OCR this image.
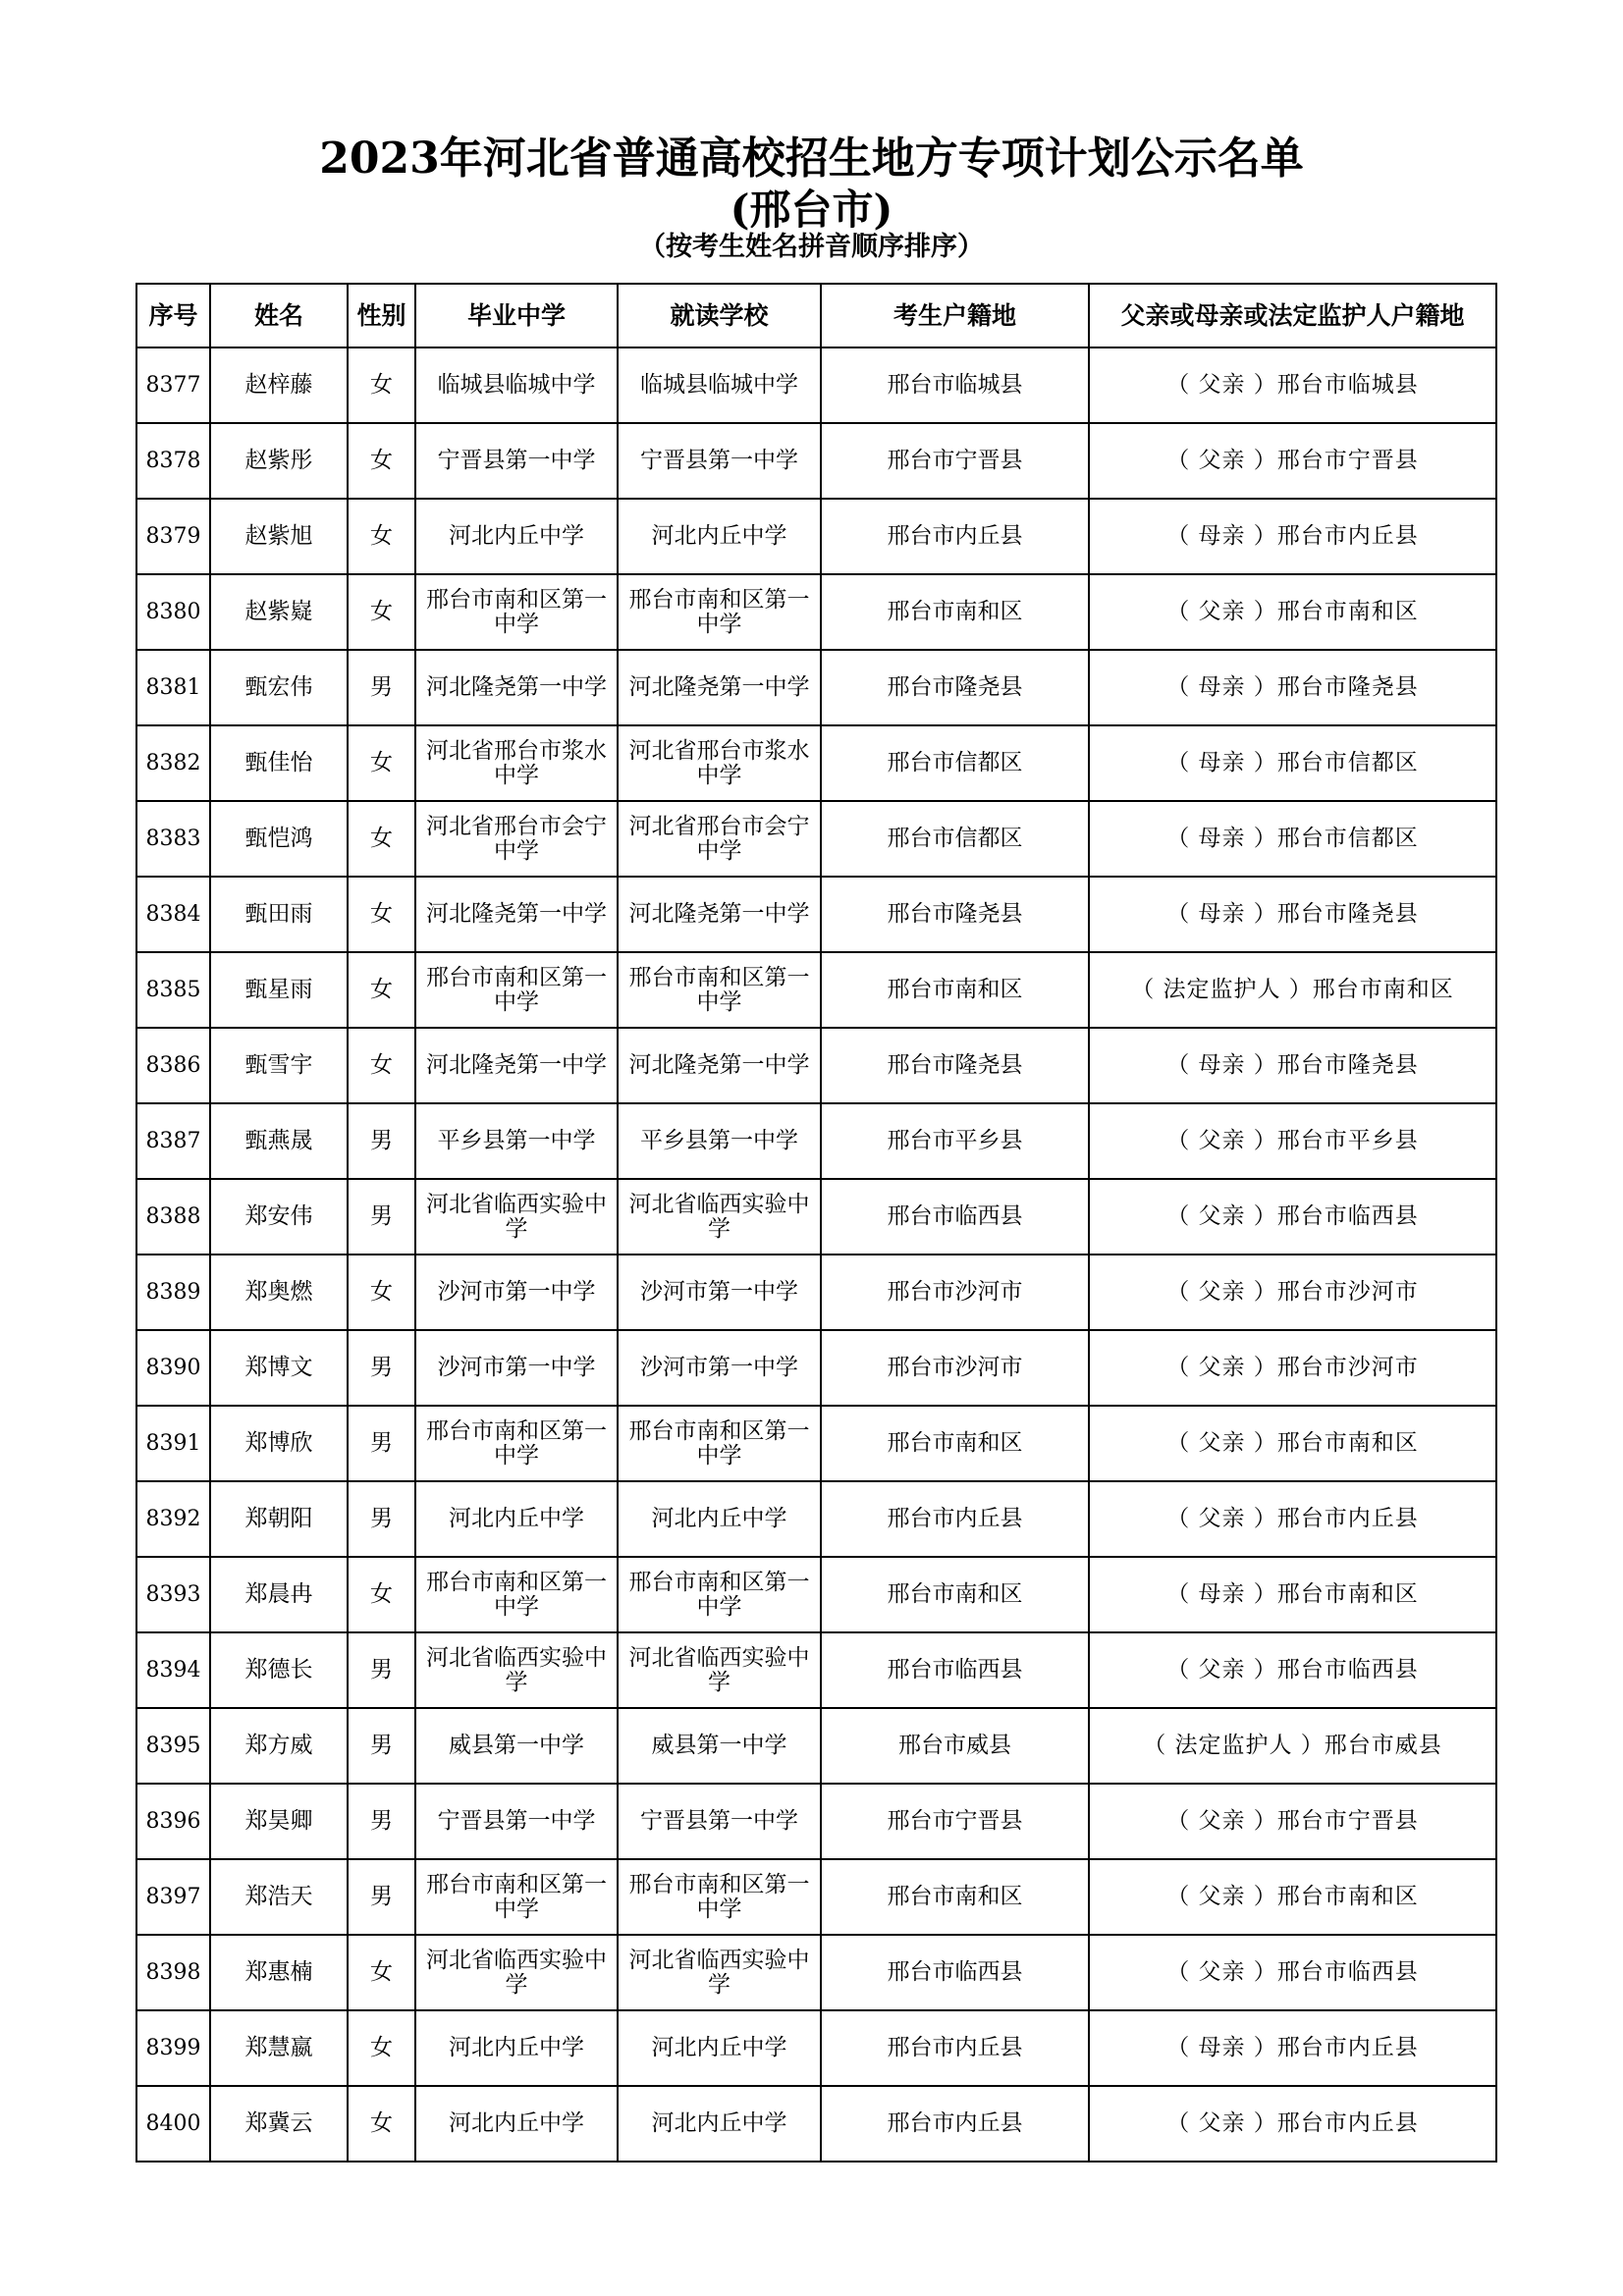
2023年河北省普通高校招生地方专项计划公示名单
(邢台市)
（按考生姓名拼音顺序排序）
序号	姓名	性别	毕业中学	就读学校	考生户籍地	父亲或母亲或法定监护人户籍地
8377	赵梓藤	女	临城县临城中学	临城县临城中学	邢台市临城县	（ 父亲 ）邢台市临城县
8378	赵紫彤	女	宁晋县第一中学	宁晋县第一中学	邢台市宁晋县	（ 父亲 ）邢台市宁晋县
8379	赵紫旭	女	河北内丘中学	河北内丘中学	邢台市内丘县	（ 母亲 ）邢台市内丘县
8380	赵紫嶷	女	邢台市南和区第一中学	邢台市南和区第一中学	邢台市南和区	（ 父亲 ）邢台市南和区
8381	甄宏伟	男	河北隆尧第一中学	河北隆尧第一中学	邢台市隆尧县	（ 母亲 ）邢台市隆尧县
8382	甄佳怡	女	河北省邢台市浆水中学	河北省邢台市浆水中学	邢台市信都区	（ 母亲 ）邢台市信都区
8383	甄恺鸿	女	河北省邢台市会宁中学	河北省邢台市会宁中学	邢台市信都区	（ 母亲 ）邢台市信都区
8384	甄田雨	女	河北隆尧第一中学	河北隆尧第一中学	邢台市隆尧县	（ 母亲 ）邢台市隆尧县
8385	甄星雨	女	邢台市南和区第一中学	邢台市南和区第一中学	邢台市南和区	（ 法定监护人 ）邢台市南和区
8386	甄雪宇	女	河北隆尧第一中学	河北隆尧第一中学	邢台市隆尧县	（ 母亲 ）邢台市隆尧县
8387	甄燕晟	男	平乡县第一中学	平乡县第一中学	邢台市平乡县	（ 父亲 ）邢台市平乡县
8388	郑安伟	男	河北省临西实验中学	河北省临西实验中学	邢台市临西县	（ 父亲 ）邢台市临西县
8389	郑奥燃	女	沙河市第一中学	沙河市第一中学	邢台市沙河市	（ 父亲 ）邢台市沙河市
8390	郑博文	男	沙河市第一中学	沙河市第一中学	邢台市沙河市	（ 父亲 ）邢台市沙河市
8391	郑博欣	男	邢台市南和区第一中学	邢台市南和区第一中学	邢台市南和区	（ 父亲 ）邢台市南和区
8392	郑朝阳	男	河北内丘中学	河北内丘中学	邢台市内丘县	（ 父亲 ）邢台市内丘县
8393	郑晨冉	女	邢台市南和区第一中学	邢台市南和区第一中学	邢台市南和区	（ 母亲 ）邢台市南和区
8394	郑德长	男	河北省临西实验中学	河北省临西实验中学	邢台市临西县	（ 父亲 ）邢台市临西县
8395	郑方威	男	威县第一中学	威县第一中学	邢台市威县	（ 法定监护人 ）邢台市威县
8396	郑昊卿	男	宁晋县第一中学	宁晋县第一中学	邢台市宁晋县	（ 父亲 ）邢台市宁晋县
8397	郑浩天	男	邢台市南和区第一中学	邢台市南和区第一中学	邢台市南和区	（ 父亲 ）邢台市南和区
8398	郑惠楠	女	河北省临西实验中学	河北省临西实验中学	邢台市临西县	（ 父亲 ）邢台市临西县
8399	郑慧嬴	女	河北内丘中学	河北内丘中学	邢台市内丘县	（ 母亲 ）邢台市内丘县
8400	郑冀云	女	河北内丘中学	河北内丘中学	邢台市内丘县	（ 父亲 ）邢台市内丘县
